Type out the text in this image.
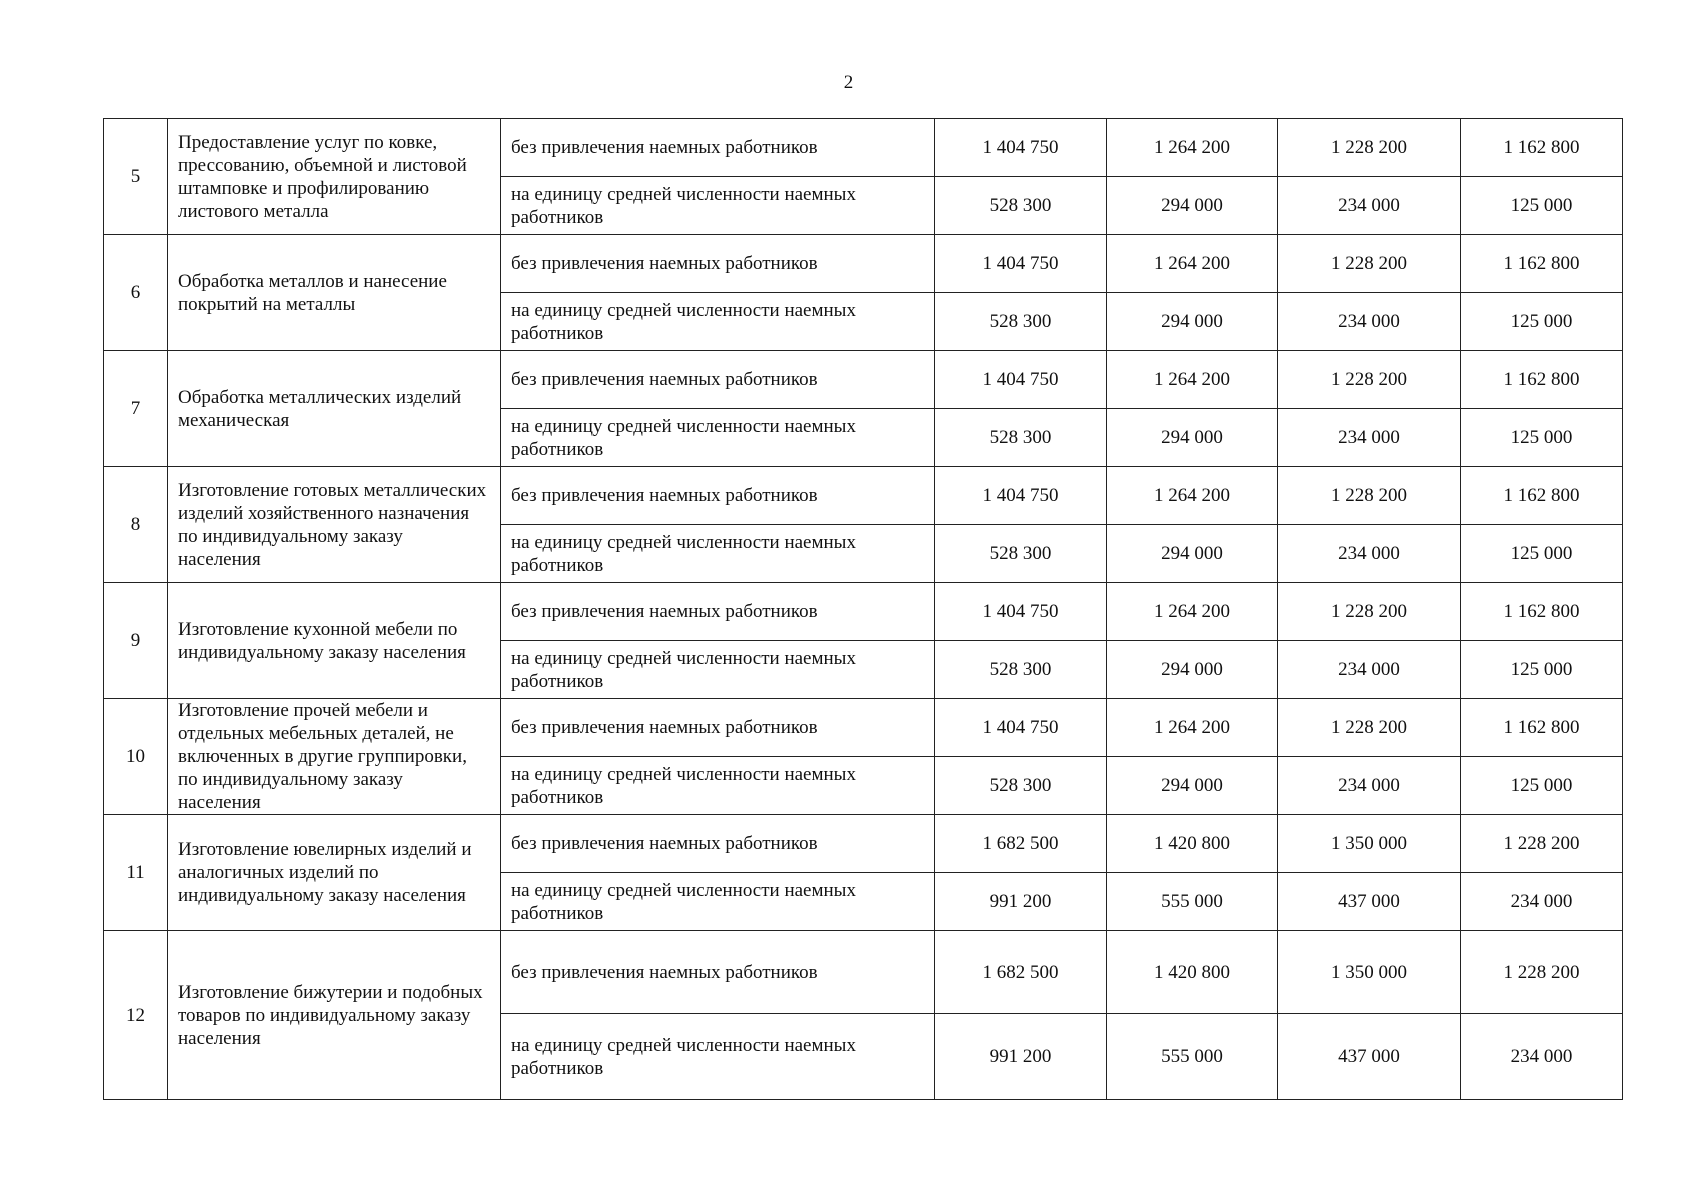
2
5	Предоставление услуг по ковке, прессованию, объемной и листовой штамповке и профилированию листового металла	без привлечения наемных работников	1 404 750	1 264 200	1 228 200	1 162 800
		на единицу средней численности наемных работников	528 300	294 000	234 000	125 000
6	Обработка металлов и нанесение покрытий на металлы	без привлечения наемных работников	1 404 750	1 264 200	1 228 200	1 162 800
		на единицу средней численности наемных работников	528 300	294 000	234 000	125 000
7	Обработка металлических изделий механическая	без привлечения наемных работников	1 404 750	1 264 200	1 228 200	1 162 800
		на единицу средней численности наемных работников	528 300	294 000	234 000	125 000
8	Изготовление готовых металлических изделий хозяйственного назначения по индивидуальному заказу населения	без привлечения наемных работников	1 404 750	1 264 200	1 228 200	1 162 800
		на единицу средней численности наемных работников	528 300	294 000	234 000	125 000
9	Изготовление кухонной мебели по индивидуальному заказу населения	без привлечения наемных работников	1 404 750	1 264 200	1 228 200	1 162 800
		на единицу средней численности наемных работников	528 300	294 000	234 000	125 000
10	Изготовление прочей мебели и отдельных мебельных деталей, не включенных в другие группировки, по индивидуальному заказу населения	без привлечения наемных работников	1 404 750	1 264 200	1 228 200	1 162 800
		на единицу средней численности наемных работников	528 300	294 000	234 000	125 000
11	Изготовление ювелирных изделий и аналогичных изделий по индивидуальному заказу населения	без привлечения наемных работников	1 682 500	1 420 800	1 350 000	1 228 200
		на единицу средней численности наемных работников	991 200	555 000	437 000	234 000
12	Изготовление бижутерии и подобных товаров по индивидуальному заказу населения	без привлечения наемных работников	1 682 500	1 420 800	1 350 000	1 228 200
		на единицу средней численности наемных работников	991 200	555 000	437 000	234 000
